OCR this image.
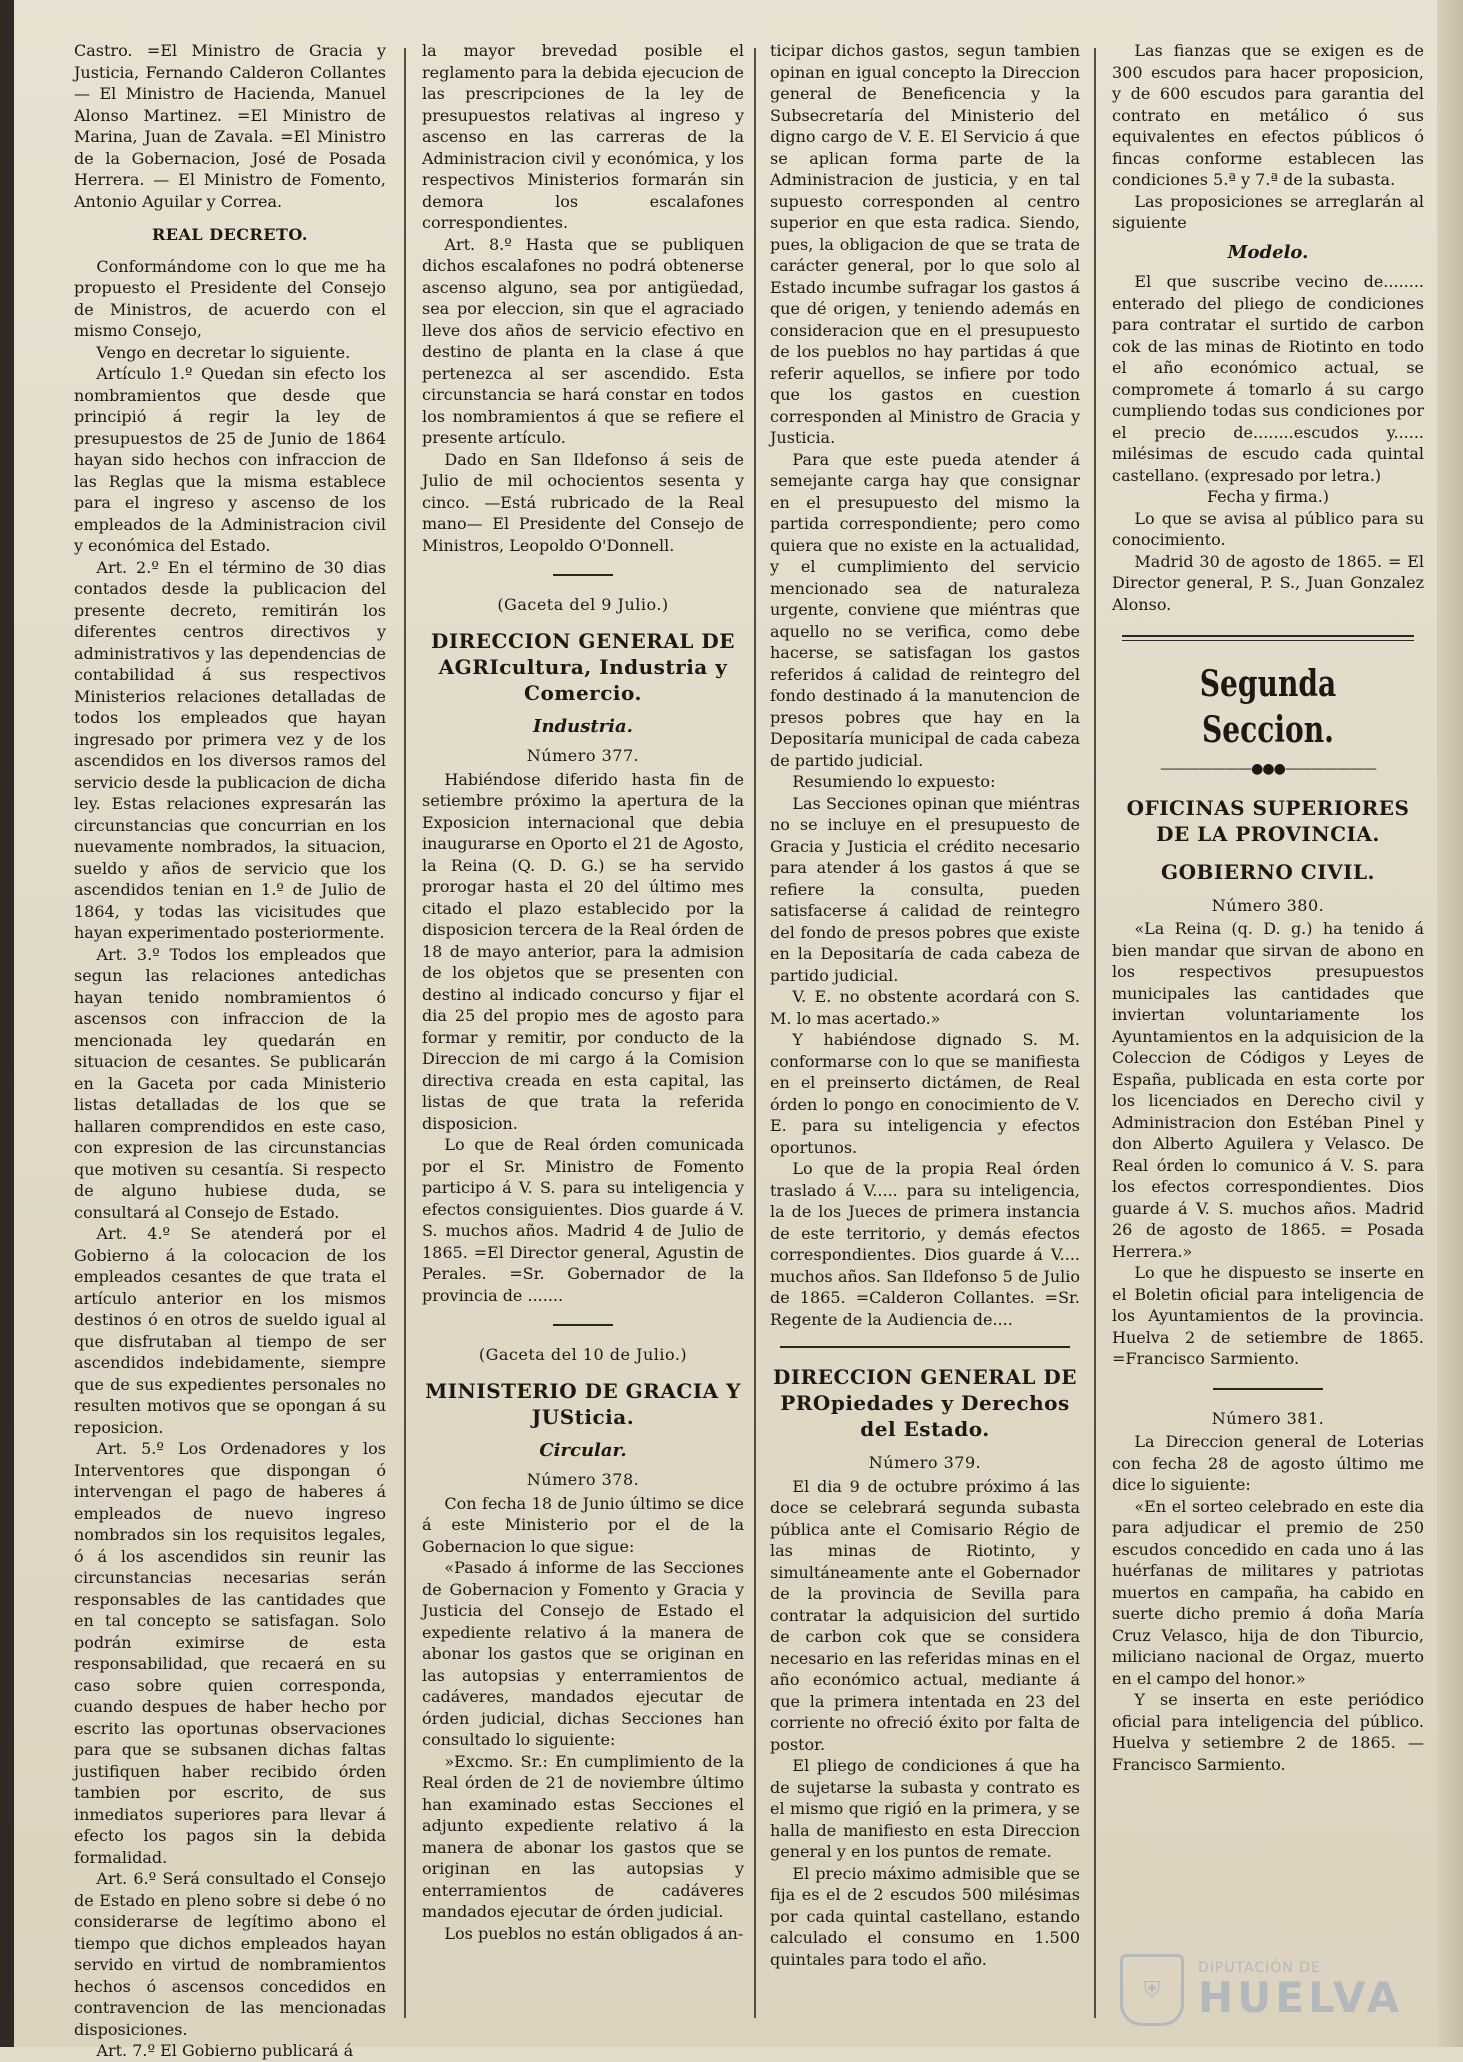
Castro. =El Ministro de Gracia y Justicia, Fernando Calderon Collantes — El Ministro de Hacienda, Manuel Alonso Martinez. =El Ministro de Marina, Juan de Zavala. =El Ministro de la Gobernacion, José de Posada Herrera. — El Ministro de Fomento, Antonio Aguilar y Correa.

REAL DECRETO.

Conformándome con lo que me ha propuesto el Presidente del Consejo de Ministros, de acuerdo con el mismo Consejo,

Vengo en decretar lo siguiente.

Artículo 1.º Quedan sin efecto los nombramientos que desde que principió á regir la ley de presupuestos de 25 de Junio de 1864 hayan sido hechos con infraccion de las Reglas que la misma establece para el ingreso y ascenso de los empleados de la Administracion civil y económica del Estado.

Art. 2.º En el término de 30 dias contados desde la publicacion del presente decreto, remitirán los diferentes centros directivos y administrativos y las dependencias de contabilidad á sus respectivos Ministerios relaciones detalladas de todos los empleados que hayan ingresado por primera vez y de los ascendidos en los diversos ramos del servicio desde la publicacion de dicha ley. Estas relaciones expresarán las circunstancias que concurrian en los nuevamente nombrados, la situacion, sueldo y años de servicio que los ascendidos tenian en 1.º de Julio de 1864, y todas las vicisitudes que hayan experimentado posteriormente.

Art. 3.º Todos los empleados que segun las relaciones antedichas hayan tenido nombramientos ó ascensos con infraccion de la mencionada ley quedarán en situacion de cesantes. Se publicarán en la Gaceta por cada Ministerio listas detalladas de los que se hallaren comprendidos en este caso, con expresion de las circunstancias que motiven su cesantía. Si respecto de alguno hubiese duda, se consultará al Consejo de Estado.

Art. 4.º Se atenderá por el Gobierno á la colocacion de los empleados cesantes de que trata el artículo anterior en los mismos destinos ó en otros de sueldo igual al que disfrutaban al tiempo de ser ascendidos indebidamente, siempre que de sus expedientes personales no resulten motivos que se opongan á su reposicion.

Art. 5.º Los Ordenadores y los Interventores que dispongan ó intervengan el pago de haberes á empleados de nuevo ingreso nombrados sin los requisitos legales, ó á los ascendidos sin reunir las circunstancias necesarias serán responsables de las cantidades que en tal concepto se satisfagan. Solo podrán eximirse de esta responsabilidad, que recaerá en su caso sobre quien corresponda, cuando despues de haber hecho por escrito las oportunas observaciones para que se subsanen dichas faltas justifiquen haber recibido órden tambien por escrito, de sus inmediatos superiores para llevar á efecto los pagos sin la debida formalidad.

Art. 6.º Será consultado el Consejo de Estado en pleno sobre si debe ó no considerarse de legítimo abono el tiempo que dichos empleados hayan servido en virtud de nombramientos hechos ó ascensos concedidos en contravencion de las mencionadas disposiciones.

Art. 7.º El Gobierno publicará á

la mayor brevedad posible el reglamento para la debida ejecucion de las prescripciones de la ley de presupuestos relativas al ingreso y ascenso en las carreras de la Administracion civil y económica, y los respectivos Ministerios formarán sin demora los escalafones correspondientes.

Art. 8.º Hasta que se publiquen dichos escalafones no podrá obtenerse ascenso alguno, sea por antigüedad, sea por eleccion, sin que el agraciado lleve dos años de servicio efectivo en destino de planta en la clase á que pertenezca al ser ascendido. Esta circunstancia se hará constar en todos los nombramientos á que se refiere el presente artículo.

Dado en San Ildefonso á seis de Julio de mil ochocientos sesenta y cinco. —Está rubricado de la Real mano— El Presidente del Consejo de Ministros, Leopoldo O'Donnell.

(Gaceta del 9 Julio.)
DIRECCION GENERAL DE AGRIcultura, Industria y Comercio.
Industria.
Número 377.

Habiéndose diferido hasta fin de setiembre próximo la apertura de la Exposicion internacional que debia inaugurarse en Oporto el 21 de Agosto, la Reina (Q. D. G.) se ha servido prorogar hasta el 20 del último mes citado el plazo establecido por la disposicion tercera de la Real órden de 18 de mayo anterior, para la admision de los objetos que se presenten con destino al indicado concurso y fijar el dia 25 del propio mes de agosto para formar y remitir, por conducto de la Direccion de mi cargo á la Comision directiva creada en esta capital, las listas de que trata la referida disposicion.

Lo que de Real órden comunicada por el Sr. Ministro de Fomento participo á V. S. para su inteligencia y efectos consiguientes. Dios guarde á V. S. muchos años. Madrid 4 de Julio de 1865. =El Director general, Agustin de Perales. =Sr. Gobernador de la provincia de .......

(Gaceta del 10 de Julio.)
MINISTERIO DE GRACIA Y JUSticia.
Circular.
Número 378.

Con fecha 18 de Junio último se dice á este Ministerio por el de la Gobernacion lo que sigue:

«Pasado á informe de las Secciones de Gobernacion y Fomento y Gracia y Justicia del Consejo de Estado el expediente relativo á la manera de abonar los gastos que se originan en las autopsias y enterramientos de cadáveres, mandados ejecutar de órden judicial, dichas Secciones han consultado lo siguiente:

»Excmo. Sr.: En cumplimiento de la Real órden de 21 de noviembre último han examinado estas Secciones el adjunto expediente relativo á la manera de abonar los gastos que se originan en las autopsias y enterramientos de cadáveres mandados ejecutar de órden judicial.

Los pueblos no están obligados á an-

ticipar dichos gastos, segun tambien opinan en igual concepto la Direccion general de Beneficencia y la Subsecretaría del Ministerio del digno cargo de V. E. El Servicio á que se aplican forma parte de la Administracion de justicia, y en tal supuesto corresponden al centro superior en que esta radica. Siendo, pues, la obligacion de que se trata de carácter general, por lo que solo al Estado incumbe sufragar los gastos á que dé origen, y teniendo además en consideracion que en el presupuesto de los pueblos no hay partidas á que referir aquellos, se infiere por todo que los gastos en cuestion corresponden al Ministro de Gracia y Justicia.

Para que este pueda atender á semejante carga hay que consignar en el presupuesto del mismo la partida correspondiente; pero como quiera que no existe en la actualidad, y el cumplimiento del servicio mencionado sea de naturaleza urgente, conviene que miéntras que aquello no se verifica, como debe hacerse, se satisfagan los gastos referidos á calidad de reintegro del fondo destinado á la manutencion de presos pobres que hay en la Depositaría municipal de cada cabeza de partido judicial.

Resumiendo lo expuesto:

Las Secciones opinan que miéntras no se incluye en el presupuesto de Gracia y Justicia el crédito necesario para atender á los gastos á que se refiere la consulta, pueden satisfacerse á calidad de reintegro del fondo de presos pobres que existe en la Depositaría de cada cabeza de partido judicial.

V. E. no obstente acordará con S. M. lo mas acertado.»

Y habiéndose dignado S. M. conformarse con lo que se manifiesta en el preinserto dictámen, de Real órden lo pongo en conocimiento de V. E. para su inteligencia y efectos oportunos.

Lo que de la propia Real órden traslado á V..... para su inteligencia, la de los Jueces de primera instancia de este territorio, y demás efectos correspondientes. Dios guarde á V.... muchos años. San Ildefonso 5 de Julio de 1865. =Calderon Collantes. =Sr. Regente de la Audiencia de....

DIRECCION GENERAL DE PROpiedades y Derechos del Estado.
Número 379.

El dia 9 de octubre próximo á las doce se celebrará segunda subasta pública ante el Comisario Régio de las minas de Riotinto, y simultáneamente ante el Gobernador de la provincia de Sevilla para contratar la adquisicion del surtido de carbon cok que se considera necesario en las referidas minas en el año económico actual, mediante á que la primera intentada en 23 del corriente no ofreció éxito por falta de postor.

El pliego de condiciones á que ha de sujetarse la subasta y contrato es el mismo que rigió en la primera, y se halla de manifiesto en esta Direccion general y en los puntos de remate.

El precio máximo admisible que se fija es el de 2 escudos 500 milésimas por cada quintal castellano, estando calculado el consumo en 1.500 quintales para todo el año.

Las fianzas que se exigen es de 300 escudos para hacer proposicion, y de 600 escudos para garantia del contrato en metálico ó sus equivalentes en efectos públicos ó fincas conforme establecen las condiciones 5.ª y 7.ª de la subasta.

Las proposiciones se arreglarán al siguiente

Modelo.

El que suscribe vecino de........ enterado del pliego de condiciones para contratar el surtido de carbon cok de las minas de Riotinto en todo el año económico actual, se compromete á tomarlo á su cargo cumpliendo todas sus condiciones por el precio de........escudos y...... milésimas de escudo cada quintal castellano. (expresado por letra.)

Fecha y firma.)

Lo que se avisa al público para su conocimiento.

Madrid 30 de agosto de 1865. = El Director general, P. S., Juan Gonzalez Alonso.

Segunda Seccion.
———————●●●———————
OFICINAS SUPERIORES DE LA PROVINCIA.
GOBIERNO CIVIL.
Número 380.

«La Reina (q. D. g.) ha tenido á bien mandar que sirvan de abono en los respectivos presupuestos municipales las cantidades que inviertan voluntariamente los Ayuntamientos en la adquisicion de la Coleccion de Códigos y Leyes de España, publicada en esta corte por los licenciados en Derecho civil y Administracion don Estéban Pinel y don Alberto Aguilera y Velasco. De Real órden lo comunico á V. S. para los efectos correspondientes. Dios guarde á V. S. muchos años. Madrid 26 de agosto de 1865. = Posada Herrera.»

Lo que he dispuesto se inserte en el Boletin oficial para inteligencia de los Ayuntamientos de la provincia. Huelva 2 de setiembre de 1865. =Francisco Sarmiento.

Número 381.

La Direccion general de Loterias con fecha 28 de agosto último me dice lo siguiente:

«En el sorteo celebrado en este dia para adjudicar el premio de 250 escudos concedido en cada uno á las huérfanas de militares y patriotas muertos en campaña, ha cabido en suerte dicho premio á doña María Cruz Velasco, hija de don Tiburcio, miliciano nacional de Orgaz, muerto en el campo del honor.»

Y se inserta en este periódico oficial para inteligencia del público. Huelva y setiembre 2 de 1865. — Francisco Sarmiento.

⛨
DIPUTACIÓN DE
HUELVA
